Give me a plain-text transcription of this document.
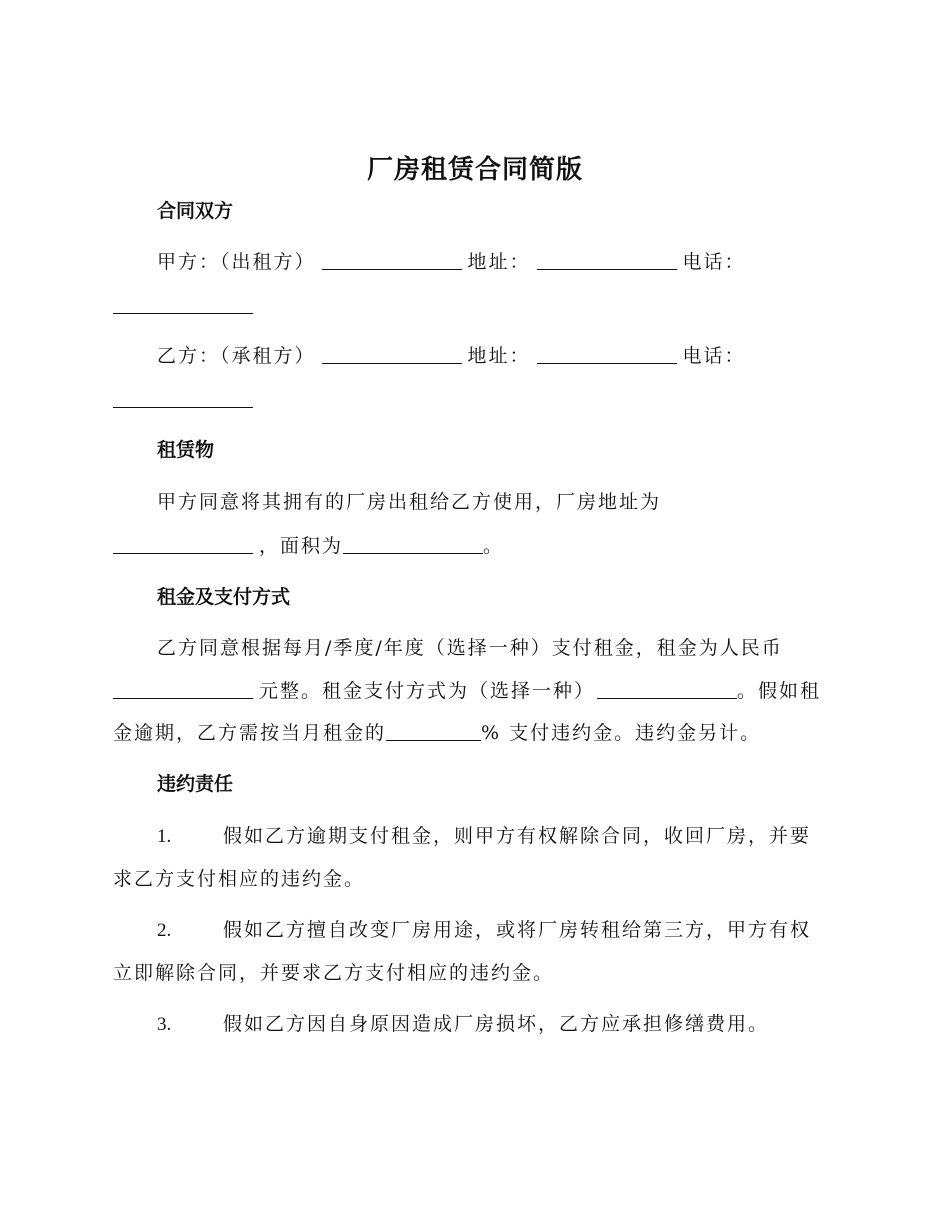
厂房租赁合同简版
合同双方
甲方：（出租方）	地址：	电话：
乙方：（承租方）	地址：	电话：
租赁物
甲方同意将其拥有的厂房出租给乙方使用，厂房地址为
，面积为	。
租金及支付方式
乙方同意根据每月/季度/年度（选择一种）支付租金，租金为人民币
元整。租金支付方式为（选择一种）	。假如租
金逾期，乙方需按当月租金的	% 支付违约金。违约金另计。
违约责任
1.	假如乙方逾期支付租金，则甲方有权解除合同，收回厂房，并要
求乙方支付相应的违约金。
2.	假如乙方擅自改变厂房用途，或将厂房转租给第三方，甲方有权
立即解除合同，并要求乙方支付相应的违约金。
3.	假如乙方因自身原因造成厂房损坏，乙方应承担修缮费用。
